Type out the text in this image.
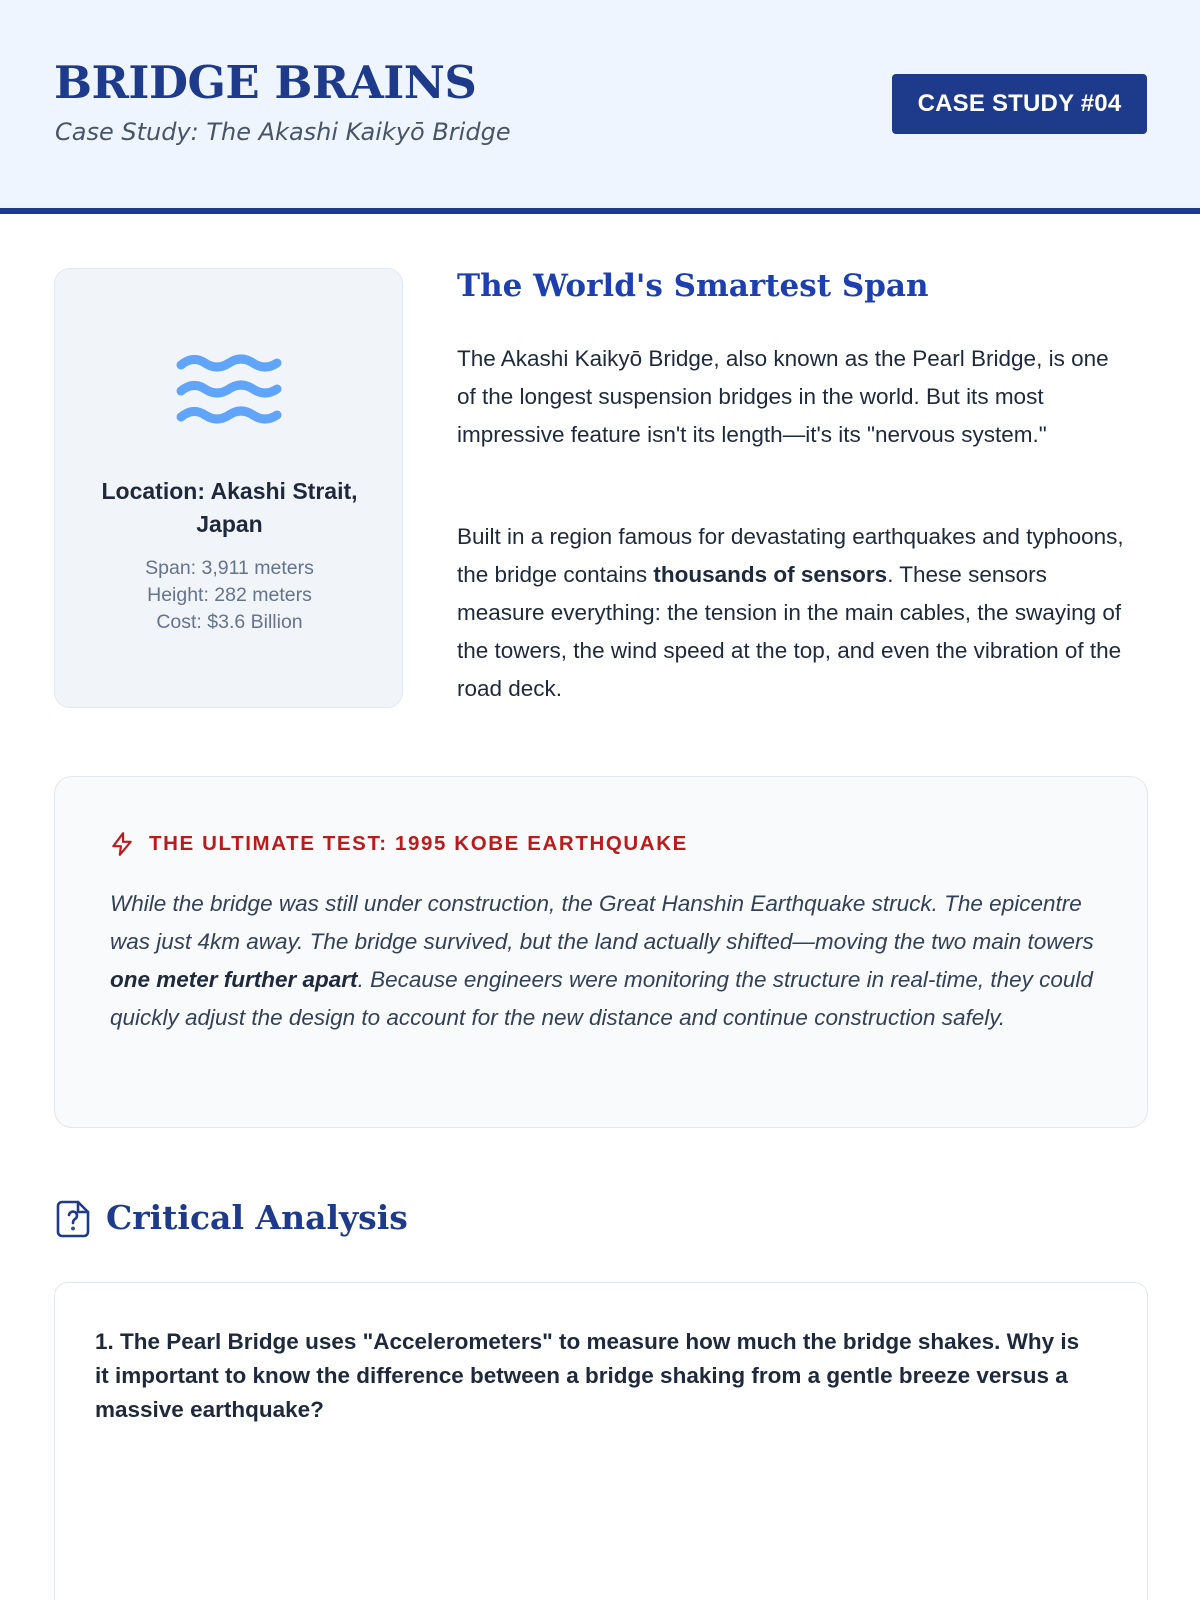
BRIDGE BRAINS
Case Study: The Akashi Kaikyō Bridge
CASE STUDY #04
Location: Akashi Strait, Japan
Span: 3,911 meters
Height: 282 meters
Cost: $3.6 Billion
The World's Smartest Span

The Akashi Kaikyō Bridge, also known as the Pearl Bridge, is one of the longest suspension bridges in the world. But its most impressive feature isn't its length—it's its "nervous system."

Built in a region famous for devastating earthquakes and typhoons, the bridge contains thousands of sensors. These sensors measure everything: the tension in the main cables, the swaying of the towers, the wind speed at the top, and even the vibration of the road deck.

THE ULTIMATE TEST: 1995 KOBE EARTHQUAKE

While the bridge was still under construction, the Great Hanshin Earthquake struck. The epicentre was just 4km away. The bridge survived, but the land actually shifted—moving the two main towers one meter further apart. Because engineers were monitoring the structure in real-time, they could quickly adjust the design to account for the new distance and continue construction safely.

Critical Analysis
1. The Pearl Bridge uses "Accelerometers" to measure how much the bridge shakes. Why is it important to know the difference between a bridge shaking from a gentle breeze versus a massive earthquake?
